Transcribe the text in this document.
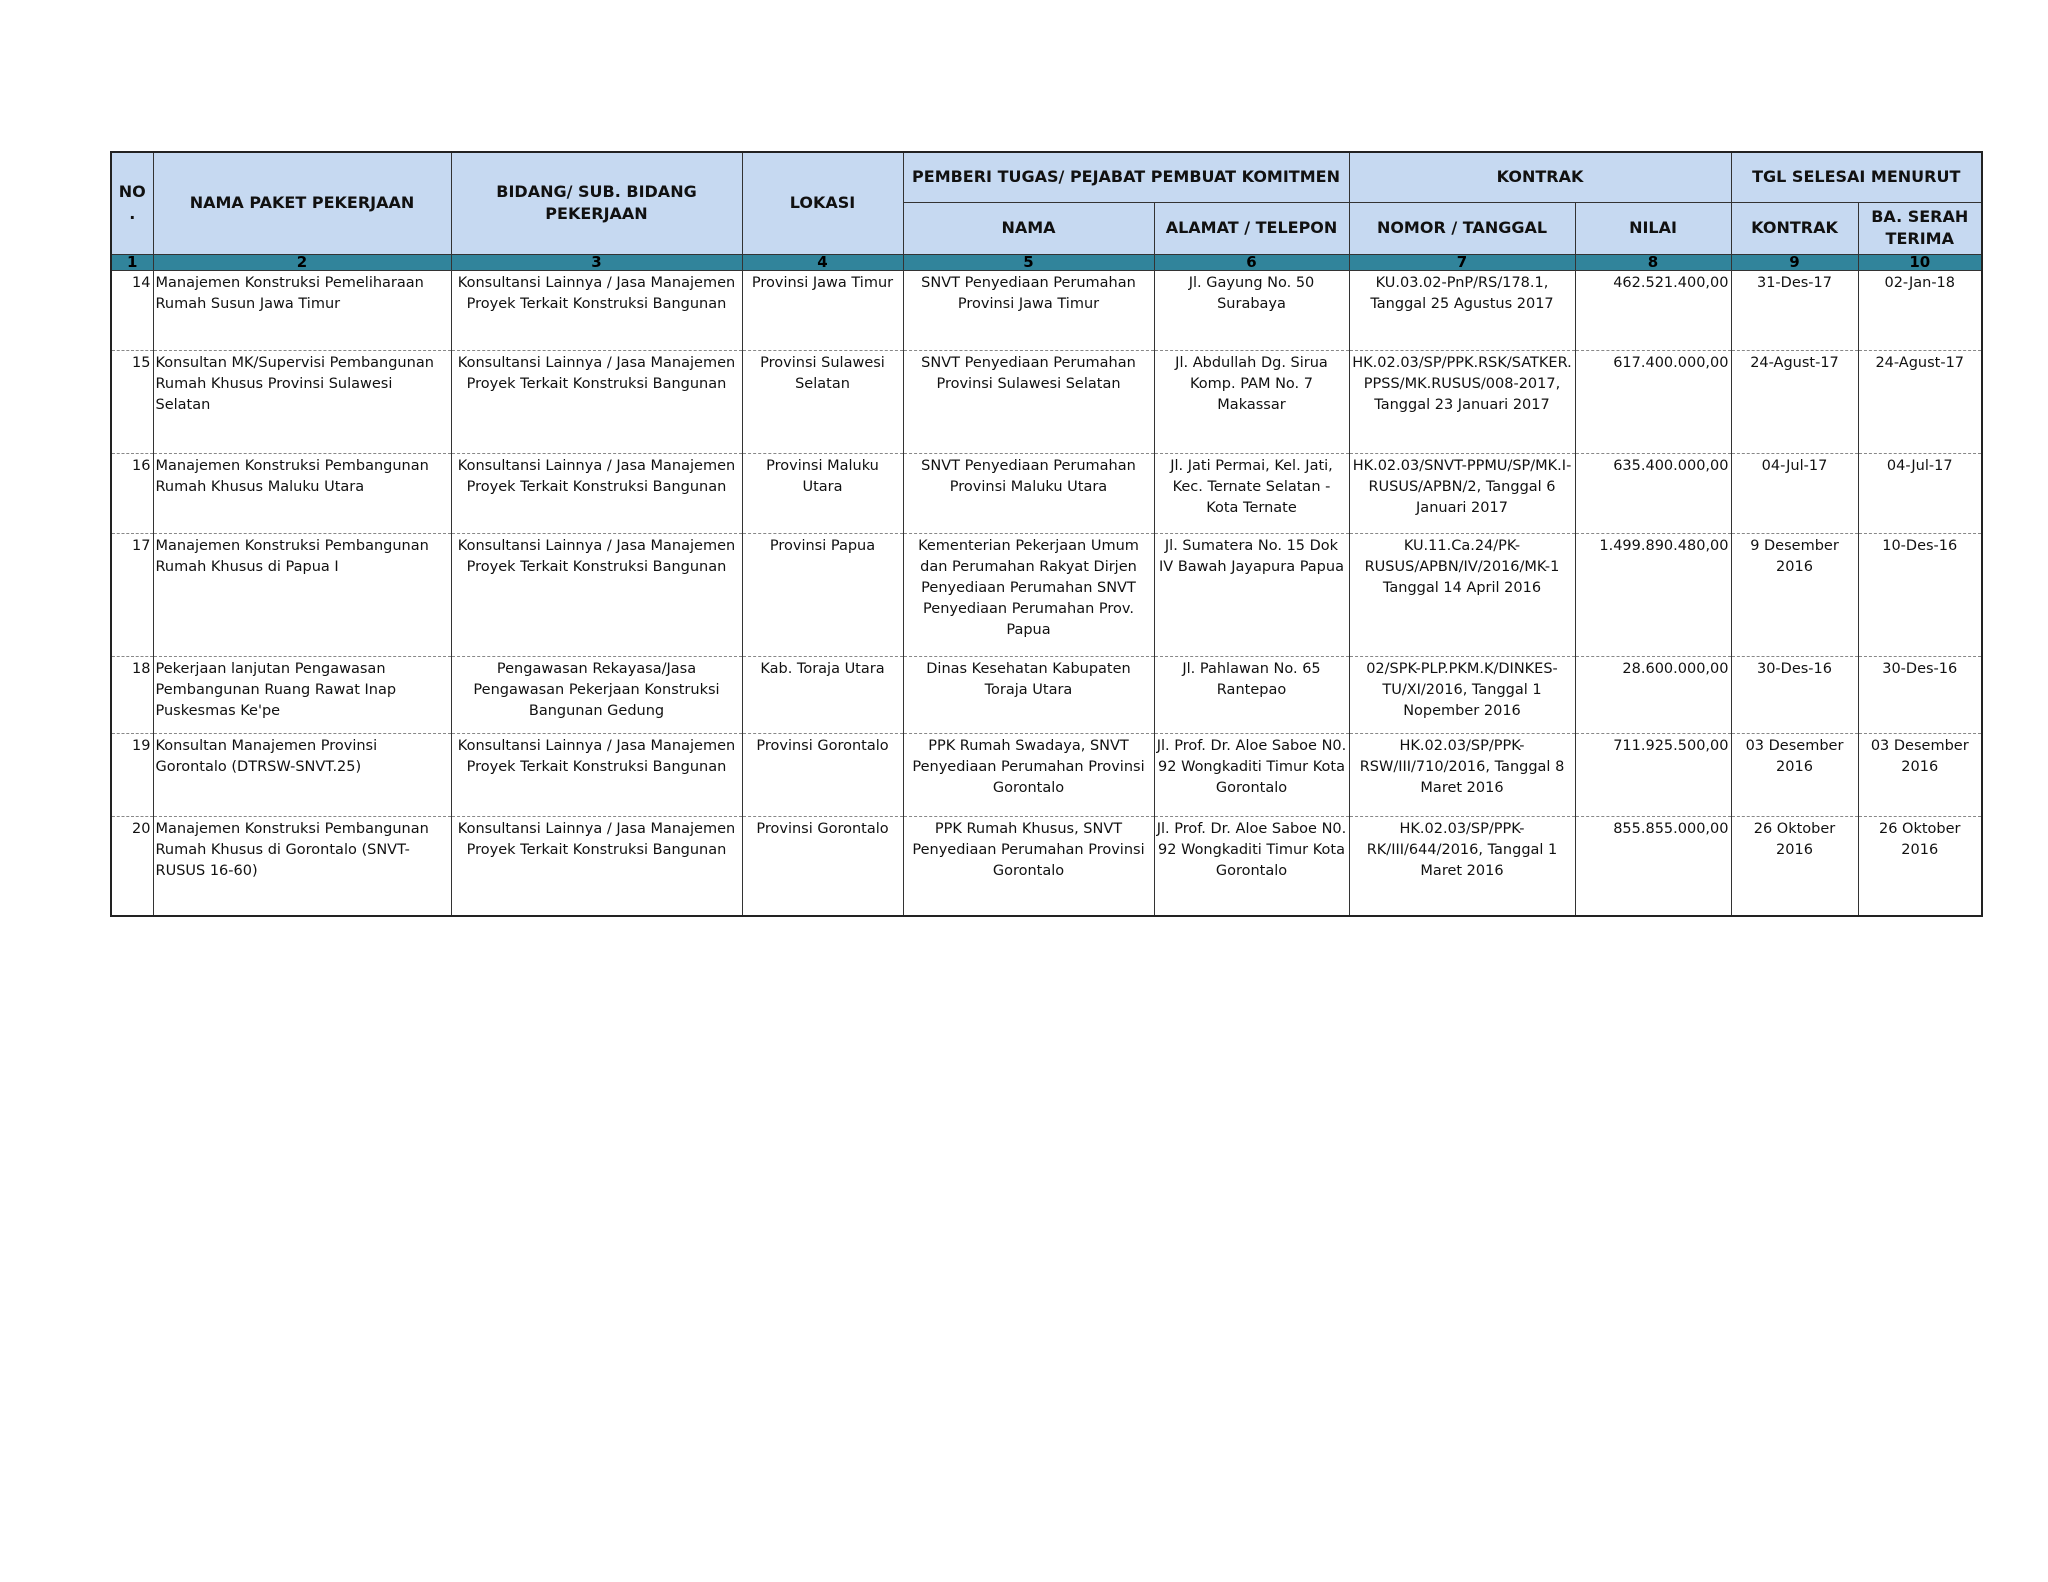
NO.	NAMA PAKET PEKERJAAN	BIDANG/ SUB. BIDANG PEKERJAAN	LOKASI	PEMBERI TUGAS/ PEJABAT PEMBUAT KOMITMEN		KONTRAK		TGL SELESAI MENURUT	
				NAMA	ALAMAT / TELEPON	NOMOR / TANGGAL	NILAI	KONTRAK	BA. SERAH TERIMA
1	2	3	4	5	6	7	8	9	10
14	Manajemen Konstruksi Pemeliharaan Rumah Susun Jawa Timur	Konsultansi Lainnya / Jasa Manajemen Proyek Terkait Konstruksi Bangunan	Provinsi Jawa Timur	SNVT Penyediaan Perumahan Provinsi Jawa Timur	Jl. Gayung No. 50 Surabaya	KU.03.02-PnP/RS/178.1, Tanggal 25 Agustus 2017	462.521.400,00	31-Des-17	02-Jan-18
15	Konsultan MK/Supervisi Pembangunan Rumah Khusus Provinsi Sulawesi Selatan	Konsultansi Lainnya / Jasa Manajemen Proyek Terkait Konstruksi Bangunan	Provinsi Sulawesi Selatan	SNVT Penyediaan Perumahan Provinsi Sulawesi Selatan	Jl. Abdullah Dg. Sirua Komp. PAM No. 7 Makassar	HK.02.03/SP/PPK.RSK/SATKER.PPSS/MK.RUSUS/008-2017, Tanggal 23 Januari 2017	617.400.000,00	24-Agust-17	24-Agust-17
16	Manajemen Konstruksi Pembangunan Rumah Khusus Maluku Utara	Konsultansi Lainnya / Jasa Manajemen Proyek Terkait Konstruksi Bangunan	Provinsi Maluku Utara	SNVT Penyediaan Perumahan Provinsi Maluku Utara	Jl. Jati Permai, Kel. Jati, Kec. Ternate Selatan - Kota Ternate	HK.02.03/SNVT-PPMU/SP/MK.I-RUSUS/APBN/2, Tanggal 6 Januari 2017	635.400.000,00	04-Jul-17	04-Jul-17
17	Manajemen Konstruksi Pembangunan Rumah Khusus di Papua I	Konsultansi Lainnya / Jasa Manajemen Proyek Terkait Konstruksi Bangunan	Provinsi Papua	Kementerian Pekerjaan Umum dan Perumahan Rakyat Dirjen Penyediaan Perumahan SNVT Penyediaan Perumahan Prov. Papua	Jl. Sumatera No. 15 Dok IV Bawah Jayapura Papua	KU.11.Ca.24/PK-RUSUS/APBN/IV/2016/MK-1 Tanggal 14 April 2016	1.499.890.480,00	9 Desember 2016	10-Des-16
18	Pekerjaan lanjutan Pengawasan Pembangunan Ruang Rawat Inap Puskesmas Ke'pe	Pengawasan Rekayasa/Jasa Pengawasan Pekerjaan Konstruksi Bangunan Gedung	Kab. Toraja Utara	Dinas Kesehatan Kabupaten Toraja Utara	Jl. Pahlawan No. 65 Rantepao	02/SPK-PLP.PKM.K/DINKES-TU/XI/2016, Tanggal 1 Nopember 2016	28.600.000,00	30-Des-16	30-Des-16
19	Konsultan Manajemen Provinsi Gorontalo (DTRSW-SNVT.25)	Konsultansi Lainnya / Jasa Manajemen Proyek Terkait Konstruksi Bangunan	Provinsi Gorontalo	PPK Rumah Swadaya, SNVT Penyediaan Perumahan Provinsi Gorontalo	Jl. Prof. Dr. Aloe Saboe N0. 92 Wongkaditi Timur Kota Gorontalo	HK.02.03/SP/PPK-RSW/III/710/2016, Tanggal 8 Maret 2016	711.925.500,00	03 Desember 2016	03 Desember 2016
20	Manajemen Konstruksi Pembangunan Rumah Khusus di Gorontalo (SNVT-RUSUS 16-60)	Konsultansi Lainnya / Jasa Manajemen Proyek Terkait Konstruksi Bangunan	Provinsi Gorontalo	PPK Rumah Khusus, SNVT Penyediaan Perumahan Provinsi Gorontalo	Jl. Prof. Dr. Aloe Saboe N0. 92 Wongkaditi Timur Kota Gorontalo	HK.02.03/SP/PPK-RK/III/644/2016, Tanggal 1 Maret 2016	855.855.000,00	26 Oktober 2016	26 Oktober 2016
